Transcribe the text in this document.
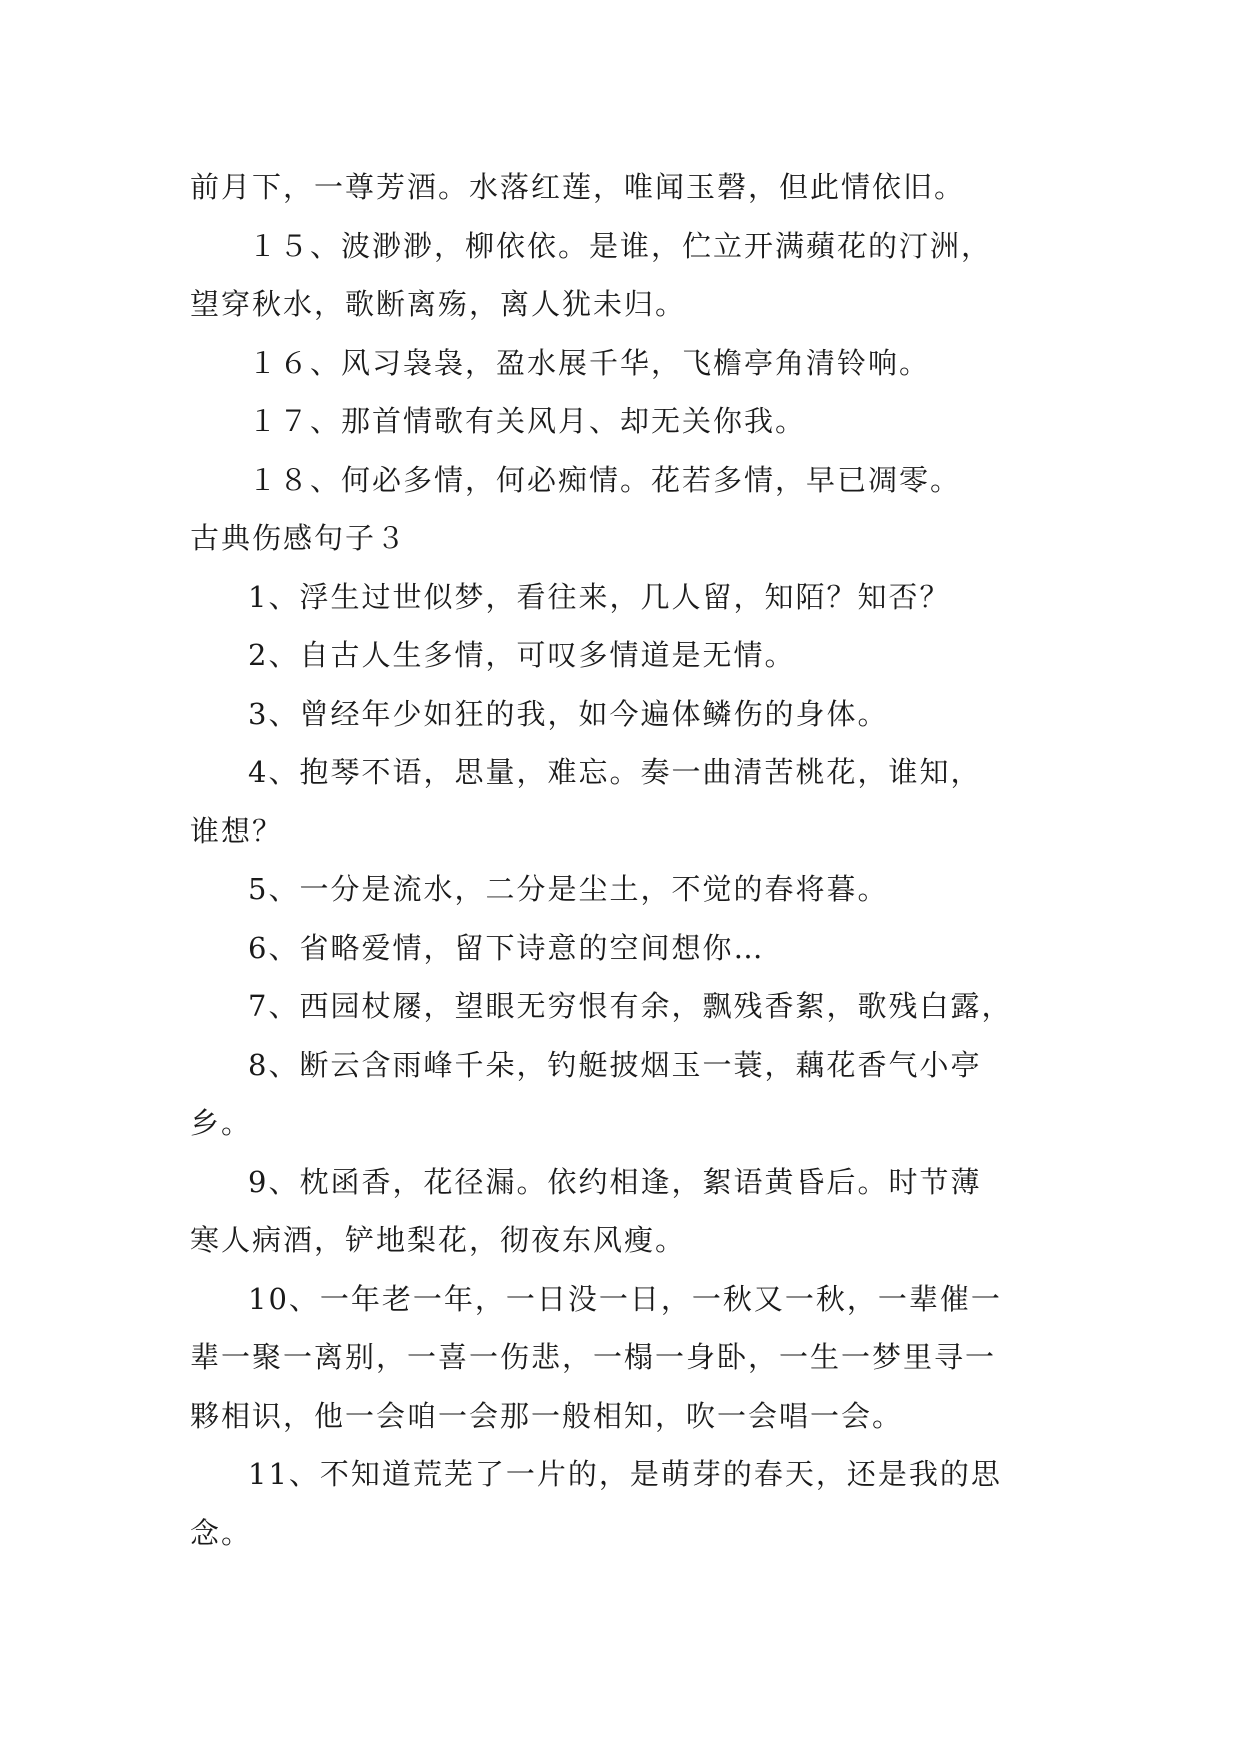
前月下，一尊芳酒。水落红莲，唯闻玉磬，但此情依旧。
１５、波渺渺，柳依依。是谁，伫立开满蘋花的汀洲，
望穿秋水，歌断离殇，离人犹未归。
１６、风习袅袅，盈水展千华，飞檐亭角清铃响。
１７、那首情歌有关风月、却无关你我。
１８、何必多情，何必痴情。花若多情，早已凋零。
古典伤感句子３
1、浮生过世似梦，看往来，几人留，知陌？知否？
2、自古人生多情，可叹多情道是无情。
3、曾经年少如狂的我，如今遍体鳞伤的身体。
4、抱琴不语，思量，难忘。奏一曲清苦桃花，谁知，
谁想？
5、一分是流水，二分是尘土，不觉的春将暮。
6、省略爱情，留下诗意的空间想你…
7、西园杖屦，望眼无穷恨有余，飘残香絮，歌残白露，
8、断云含雨峰千朵，钓艇披烟玉一蓑，藕花香气小亭
乡。
9、枕函香，花径漏。依约相逢，絮语黄昏后。时节薄
寒人病酒，铲地梨花，彻夜东风瘦。
10、一年老一年，一日没一日，一秋又一秋，一辈催一
辈一聚一离别，一喜一伤悲，一榻一身卧，一生一梦里寻一
夥相识，他一会咱一会那一般相知，吹一会唱一会。
11、不知道荒芜了一片的，是萌芽的春天，还是我的思
念。
